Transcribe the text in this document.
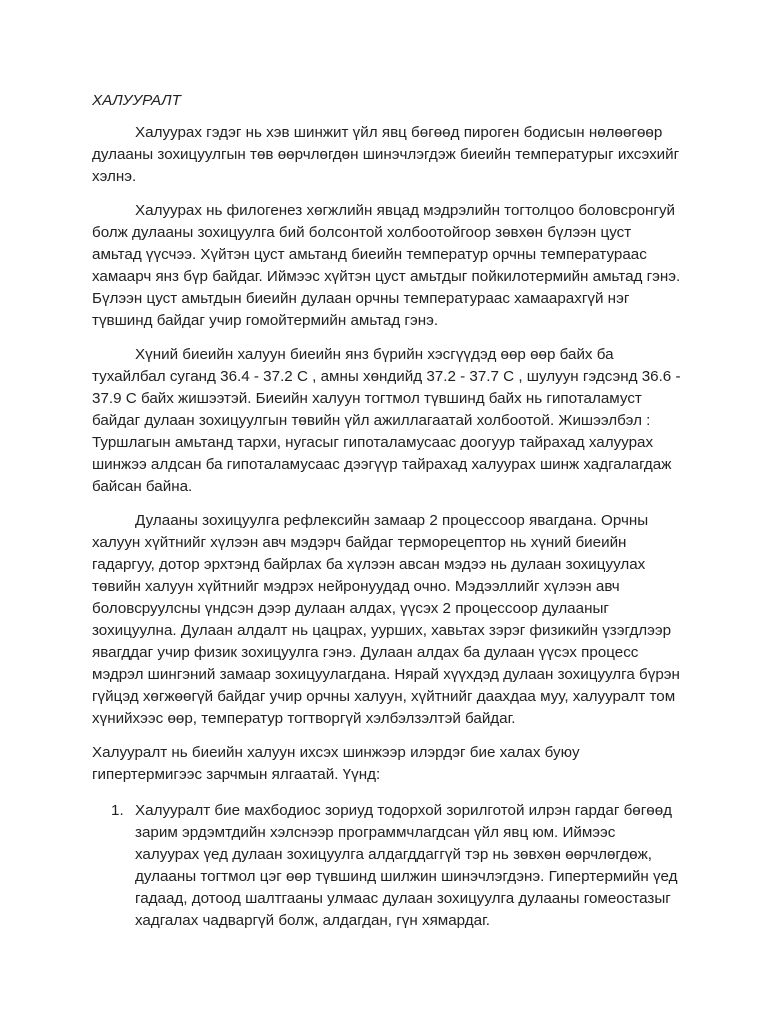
ХАЛУУРАЛТ

Халуурах гэдэг нь хэв шинжит үйл явц бөгөөд пироген бодисын нөлөөгөөр дулааны зохицуулгын төв өөрчлөгдөн шинэчлэгдэж биеийн температурыг ихсэхийг хэлнэ.

Халуурах нь филогенез хөгжлийн явцад мэдрэлийн тогтолцоо боловсронгуй болж дулааны зохицуулга бий болсонтой холбоотойгоор зөвхөн бүлээн цуст амьтад үүсчээ. Хүйтэн цуст амьтанд биеийн температур орчны температураас хамаарч янз бүр байдаг. Иймээс хүйтэн цуст амьтдыг пойкилотермийн амьтад гэнэ. Бүлээн цуст амьтдын биеийн дулаан орчны температураас хамаарахгүй нэг түвшинд байдаг учир гомойтермийн амьтад гэнэ.

Хүний биеийн халуун биеийн янз бүрийн хэсгүүдэд өөр өөр байх ба тухайлбал суганд 36.4 - 37.2 C , амны хөндийд 37.2 - 37.7 C , шулуун гэдсэнд 36.6 - 37.9 C байх жишээтэй. Биеийн халуун тогтмол түвшинд байх нь гипоталамуст байдаг дулаан зохицуулгын төвийн үйл ажиллагаатай холбоотой. Жишээлбэл : Туршлагын амьтанд тархи, нугасыг гипоталамусаас доогуур тайрахад халуурах шинжээ алдсан ба гипоталамусаас дээгүүр тайрахад халуурах шинж хадгалагдаж байсан байна.

Дулааны зохицуулга рефлексийн замаар 2 процессоор явагдана. Орчны халуун хүйтнийг хүлээн авч мэдэрч байдаг терморецептор нь хүний биеийн гадаргуу, дотор эрхтэнд байрлах ба хүлээн авсан мэдээ нь дулаан зохицуулах төвийн халуун хүйтнийг мэдрэх нейронуудад очно. Мэдээллийг хүлээн авч боловсруулсны үндсэн дээр дулаан алдах, үүсэх 2 процессоор дулааныг зохицуулна. Дулаан алдалт нь цацрах, ууршиx, хавьтах зэрэг физикийн үзэгдлээр явагддаг учир физик зохицуулга гэнэ. Дулаан алдах ба дулаан үүсэх процесс мэдрэл шингэний замаар зохицуулагдана. Нярай хүүхдэд дулаан зохицуулга бүрэн гүйцэд хөгжөөгүй байдаг учир орчны халуун, хүйтнийг даахдаа муу, халууралт том хүнийхээс өөр, температур тогтворгүй хэлбэлзэлтэй байдаг.

Халууралт нь биеийн халуун ихсэх шинжээр илэрдэг бие халах буюу гипертермигээс зарчмын ялгаатай. Үүнд:

1. Халууралт бие махбодиос зориуд тодорхой зорилготой илрэн гардаг бөгөөд зарим эрдэмтдийн хэлснээр программчлагдсан үйл явц юм. Иймээс халуурах үед дулаан зохицуулга алдагддаггүй тэр нь зөвхөн өөрчлөгдөж, дулааны тогтмол цэг өөр түвшинд шилжин шинэчлэгдэнэ. Гипертермийн үед гадаад, дотоод шалтгааны улмаас дулаан зохицуулга дулааны гомеостазыг хадгалах чадваргүй болж, алдагдан, гүн хямардаг.
